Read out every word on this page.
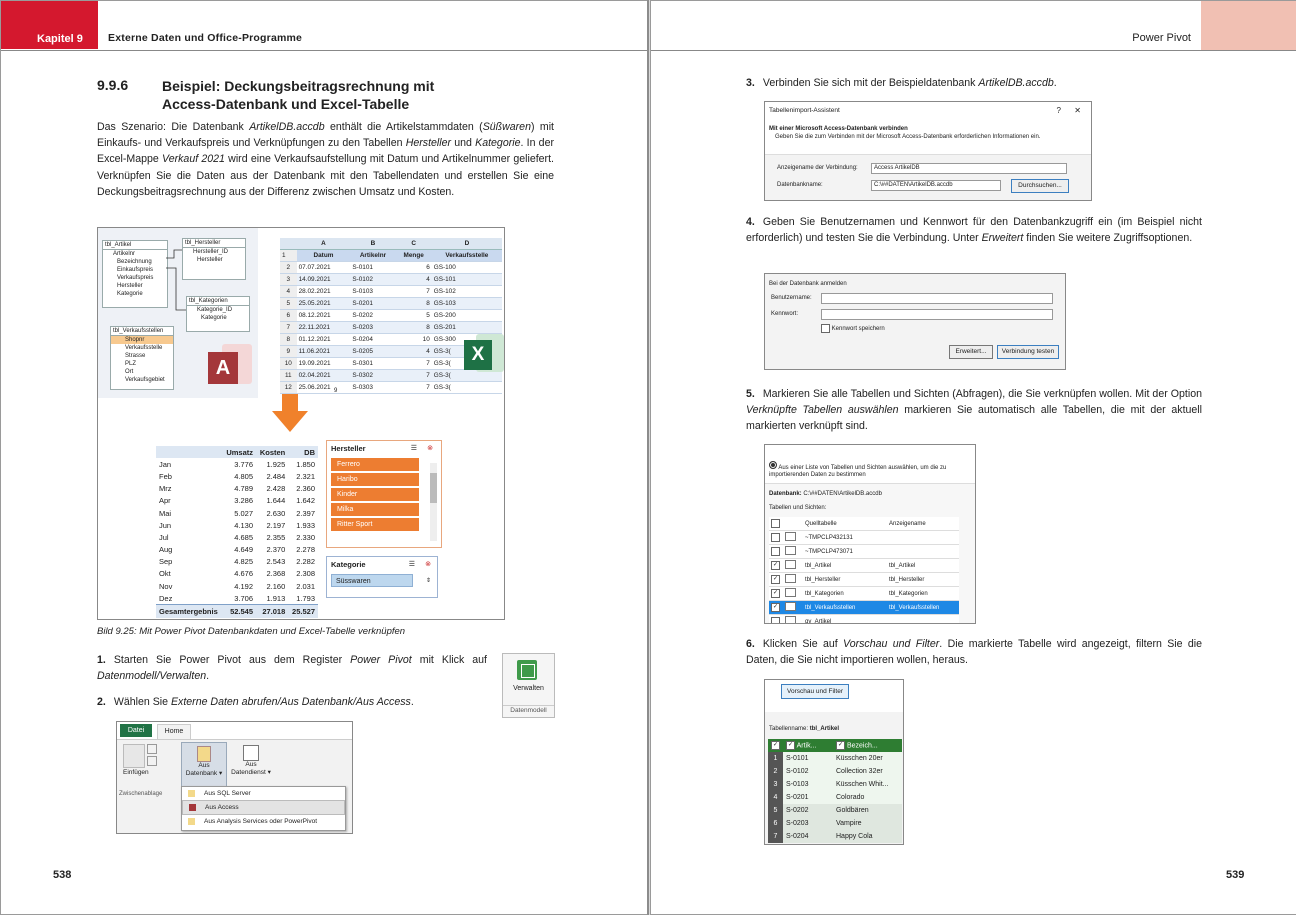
Kapitel 9	Externe Daten und Office-Programme
9.9.6 Beispiel: Deckungsbeitragsrechnung mit
Access-Datenbank und Excel-Tabelle
Das Szenario: Die Datenbank ArtikelDB.accdb enthält die Artikelstammdaten (Süßwaren) mit Einkaufs- und Verkaufspreis und Verknüpfungen zu den Tabellen Hersteller und Kategorie. In der Excel-Mappe Verkauf 2021 wird eine Verkaufsaufstellung mit Datum und Artikelnummer geliefert. Verknüpfen Sie die Daten aus der Datenbank mit den Tabellendaten und erstellen Sie eine Deckungsbeitragsrechnung aus der Differenz zwischen Umsatz und Kosten.
tbl_Artikel
Artikelnr
Bezeichnung
Einkaufspreis
Verkaufspreis
Hersteller
Kategorie
tbl_Hersteller
Hersteller_ID
Hersteller
tbl_Kategorien
Kategorie_ID
Kategorie
tbl_Verkaufsstellen
Shopnr
Verkaufsstelle
Strasse
PLZ
Ort
Verkaufsgebiet
A
	A	B	C	D
1	Datum	Artikelnr	Menge	Verkaufsstelle
2	07.07.2021	S-0101	6	GS-100
3	14.09.2021	S-0102	4	GS-101
4	28.02.2021	S-0103	7	GS-102
5	25.05.2021	S-0201	8	GS-103
6	08.12.2021	S-0202	5	GS-200
7	22.11.2021	S-0203	8	GS-201
8	01.12.2021	S-0204	10	GS-300
9	11.06.2021	S-0205	4	GS-3(
10	19.09.2021	S-0301	7	GS-3(
11	02.04.2021	S-0302	7	GS-3(
12	25.06.2021	S-0303	7	GS-3(
X
9
	Umsatz	Kosten	DB
Jan	3.776	1.925	1.850
Feb	4.805	2.484	2.321
Mrz	4.789	2.428	2.360
Apr	3.286	1.644	1.642
Mai	5.027	2.630	2.397
Jun	4.130	2.197	1.933
Jul	4.685	2.355	2.330
Aug	4.649	2.370	2.278
Sep	4.825	2.543	2.282
Okt	4.676	2.368	2.308
Nov	4.192	2.160	2.031
Dez	3.706	1.913	1.793
Gesamtergebnis	52.545	27.018	25.527
Hersteller	☰ ⊗
Ferrero
Haribo
Kinder
Milka
Ritter Sport
Kategorie	☰ ⊗
Süsswaren	⇕
Bild 9.25: Mit Power Pivot Datenbankdaten und Excel-Tabelle verknüpfen
1. Starten Sie Power Pivot aus dem Register Power Pivot mit Klick auf Datenmodell/Verwalten.
Verwalten
Datenmodell
2. Wählen Sie Externe Daten abrufen/Aus Datenbank/Aus Access.
Datei	Home
Einfügen
Zwischenablage
Aus
Datenbank ▾
Aus
Datendienst ▾
Aus SQL Server
Aus Access
Aus Analysis Services oder PowerPivot
538
Power Pivot
3. Verbinden Sie sich mit der Beispieldatenbank ArtikelDB.accdb.
Tabellenimport-Assistent	? ✕
Mit einer Microsoft Access-Datenbank verbinden
Geben Sie die zum Verbinden mit der Microsoft Access-Datenbank erforderlichen Informationen ein.
Anzeigename der Verbindung:	Access ArtikelDB
Datenbankname:	C:\##DATEN\ArtikelDB.accdb	Durchsuchen...
4. Geben Sie Benutzernamen und Kennwort für den Datenbankzugriff ein (im Beispiel nicht erforderlich) und testen Sie die Verbindung. Unter Erweitert finden Sie weitere Zugriffsoptionen.
Bei der Datenbank anmelden
Benutzername:
Kennwort:
Kennwort speichern
Erweitert...	Verbindung testen
5. Markieren Sie alle Tabellen und Sichten (Abfragen), die Sie verknüpfen wollen. Mit der Option Verknüpfte Tabellen auswählen markieren Sie automatisch alle Tabellen, die mit der aktuell markierten verknüpft sind.
Aus einer Liste von Tabellen und Sichten auswählen, um die zu importierenden Daten zu bestimmen
Datenbank: C:\##DATEN\ArtikelDB.accdb
Tabellen und Sichten:
		Quelltabelle	Anzeigename
		~TMPCLP432131	
		~TMPCLP473071	
✓		tbl_Artikel	tbl_Artikel
✓		tbl_Hersteller	tbl_Hersteller
✓		tbl_Kategorien	tbl_Kategorien
✓		tbl_Verkaufsstellen	tbl_Verkaufsstellen
		qy_Artikel	
6. Klicken Sie auf Vorschau und Filter. Die markierte Tabelle wird angezeigt, filtern Sie die Daten, die Sie nicht importieren wollen, heraus.
Vorschau und Filter
Tabellenname: tbl_Artikel
✓	✓ Artik...	✓ Bezeich...
1	S-0101	Küsschen 20er
2	S-0102	Collection 32er
3	S-0103	Küsschen Whit...
4	S-0201	Colorado
5	S-0202	Goldbären
6	S-0203	Vampire
7	S-0204	Happy Cola
539
